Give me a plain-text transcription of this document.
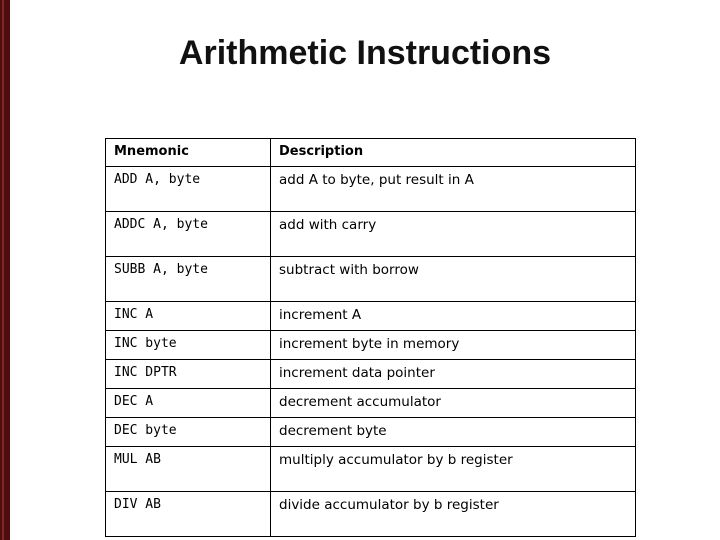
Arithmetic Instructions
Mnemonic	Description
ADD A, byte	add A to byte, put result in A
ADDC A, byte	add with carry
SUBB A, byte	subtract with borrow
INC A	increment A
INC byte	increment byte in memory
INC DPTR	increment data pointer
DEC A	decrement accumulator
DEC byte	decrement byte
MUL AB	multiply accumulator by b register
DIV AB	divide accumulator by b register
